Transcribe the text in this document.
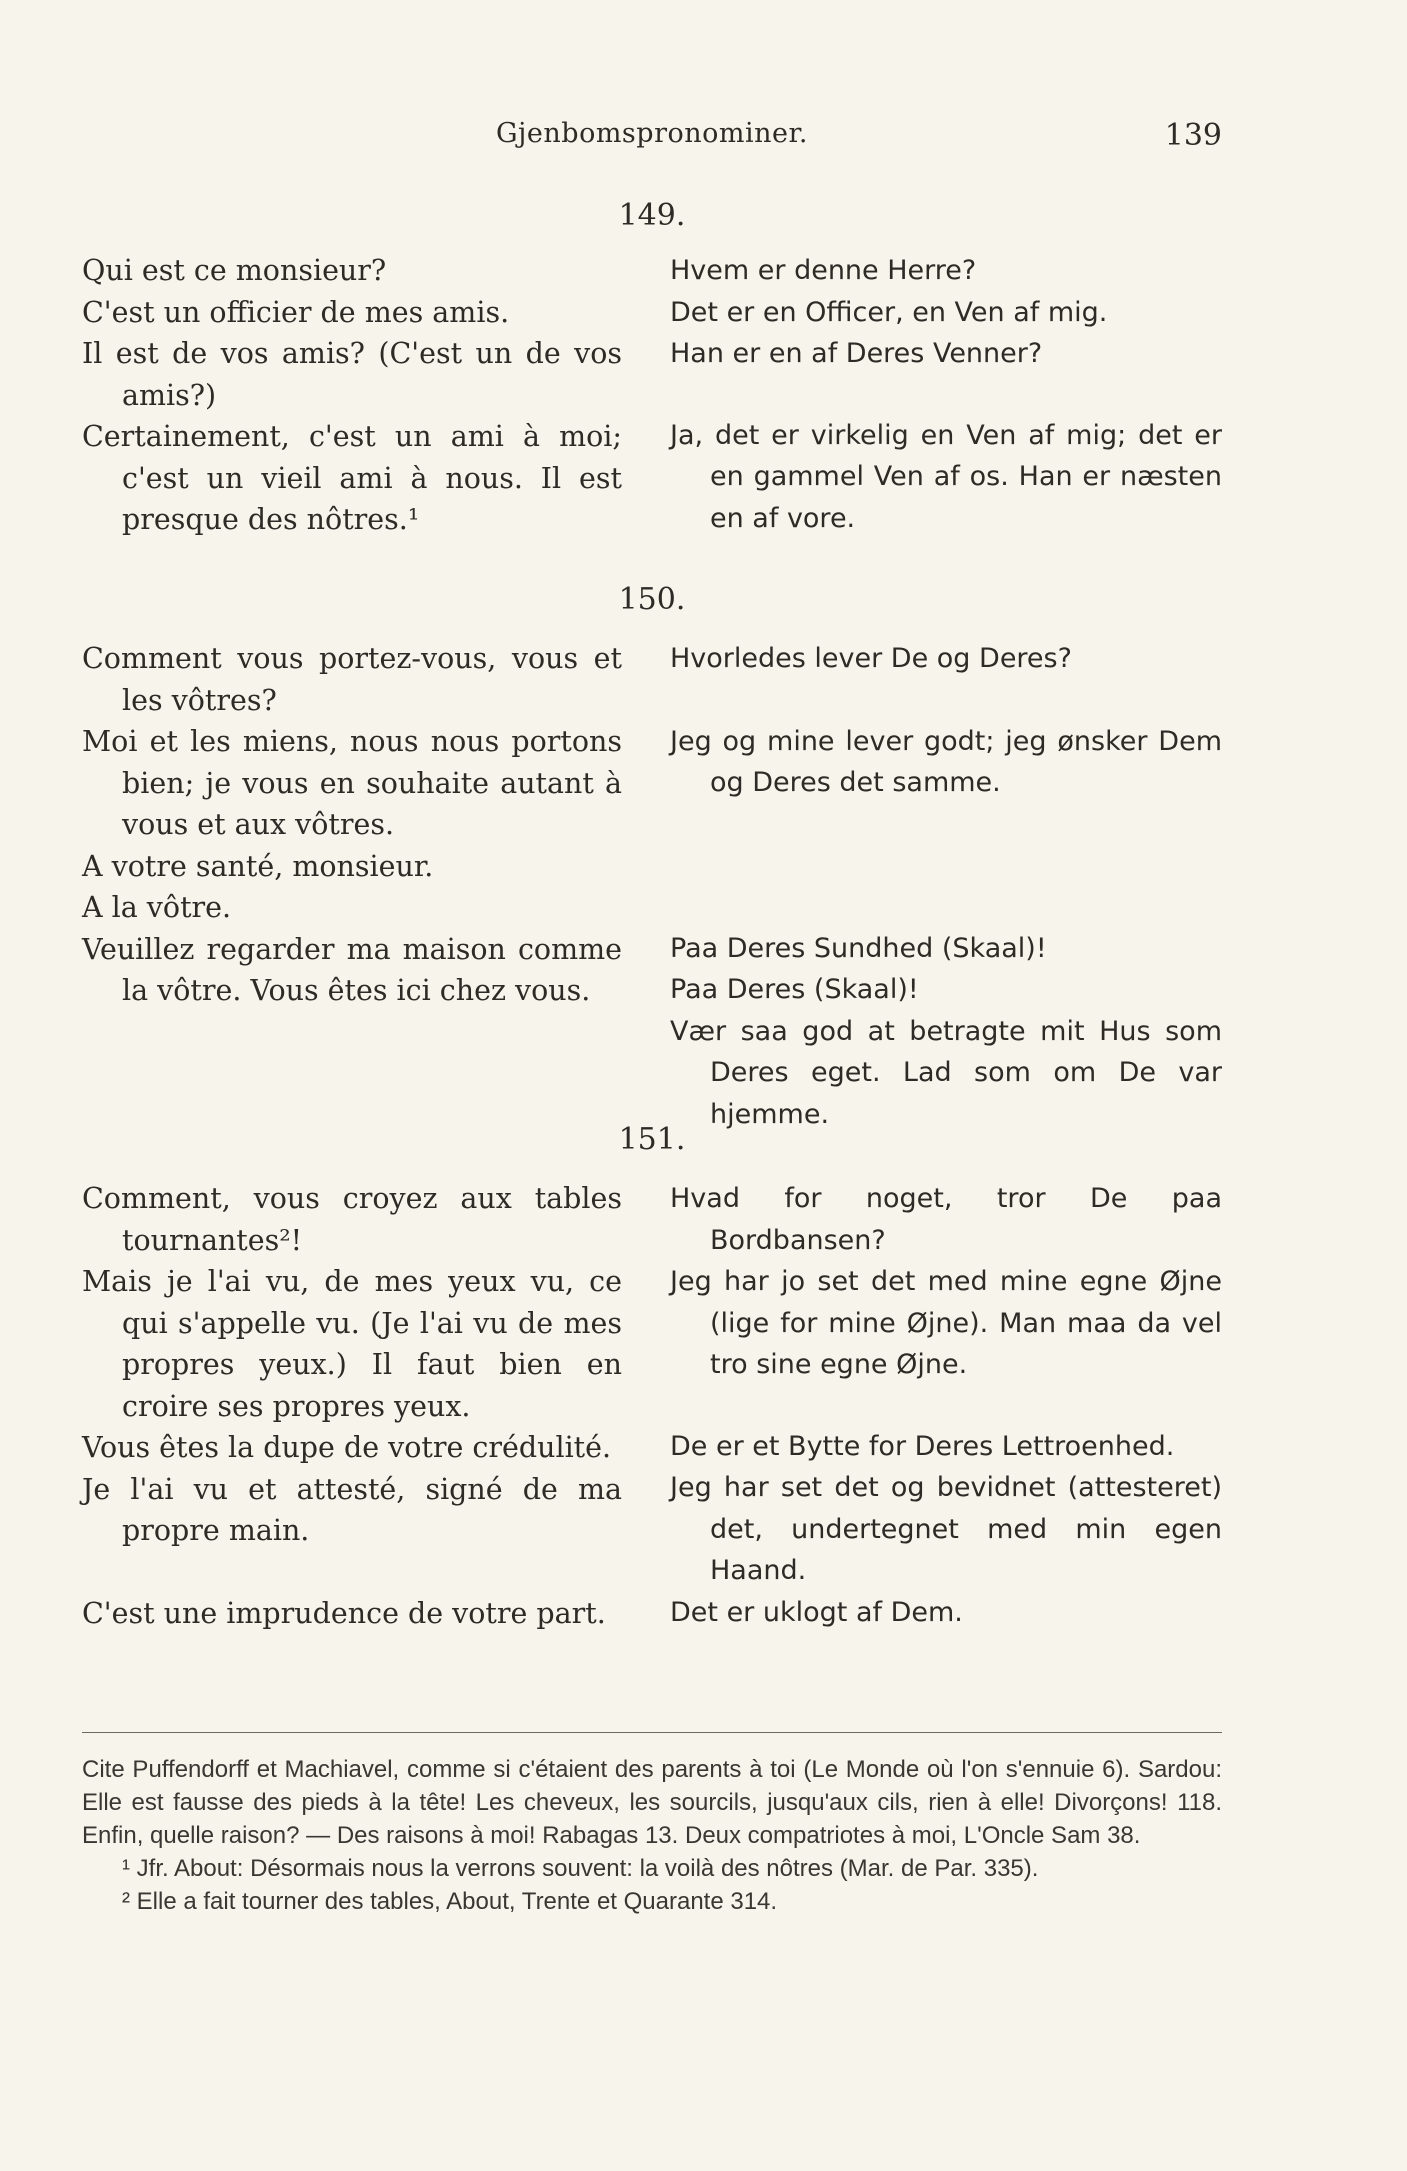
Gjenbomspronominer.	139
149.

Qui est ce monsieur?

C'est un officier de mes amis.

Il est de vos amis? (C'est un de vos amis?)

Certainement, c'est un ami à moi; c'est un vieil ami à nous. Il est presque des nôtres.¹

Hvem er denne Herre?

Det er en Officer, en Ven af mig.

Han er en af Deres Venner?

Ja, det er virkelig en Ven af mig; det er en gammel Ven af os. Han er næsten en af vore.

150.

Comment vous portez-vous, vous et les vôtres?

Moi et les miens, nous nous portons bien; je vous en souhaite autant à vous et aux vôtres.

A votre santé, monsieur.

A la vôtre.

Veuillez regarder ma maison comme la vôtre. Vous êtes ici chez vous.

Hvorledes lever De og Deres?

Jeg og mine lever godt; jeg ønsker Dem og Deres det samme.

Paa Deres Sundhed (Skaal)!

Paa Deres (Skaal)!

Vær saa god at betragte mit Hus som Deres eget. Lad som om De var hjemme.

151.

Comment, vous croyez aux tables tournantes²!

Mais je l'ai vu, de mes yeux vu, ce qui s'appelle vu. (Je l'ai vu de mes propres yeux.) Il faut bien en croire ses propres yeux.

Vous êtes la dupe de votre crédulité.

Je l'ai vu et attesté, signé de ma propre main.

C'est une imprudence de votre part.

Hvad for noget, tror De paa Bordbansen?

Jeg har jo set det med mine egne Øjne (lige for mine Øjne). Man maa da vel tro sine egne Øjne.

De er et Bytte for Deres Lettroenhed.

Jeg har set det og bevidnet (attesteret) det, undertegnet med min egen Haand.

Det er uklogt af Dem.

Cite Puffendorff et Machiavel, comme si c'étaient des parents à toi (Le Monde où l'on s'ennuie 6). Sardou: Elle est fausse des pieds à la tête! Les cheveux, les sourcils, jusqu'aux cils, rien à elle! Divorçons! 118. Enfin, quelle raison? — Des raisons à moi! Rabagas 13. Deux compatriotes à moi, L'Oncle Sam 38.

¹ Jfr. About: Désormais nous la verrons souvent: la voilà des nôtres (Mar. de Par. 335).

² Elle a fait tourner des tables, About, Trente et Quarante 314.
